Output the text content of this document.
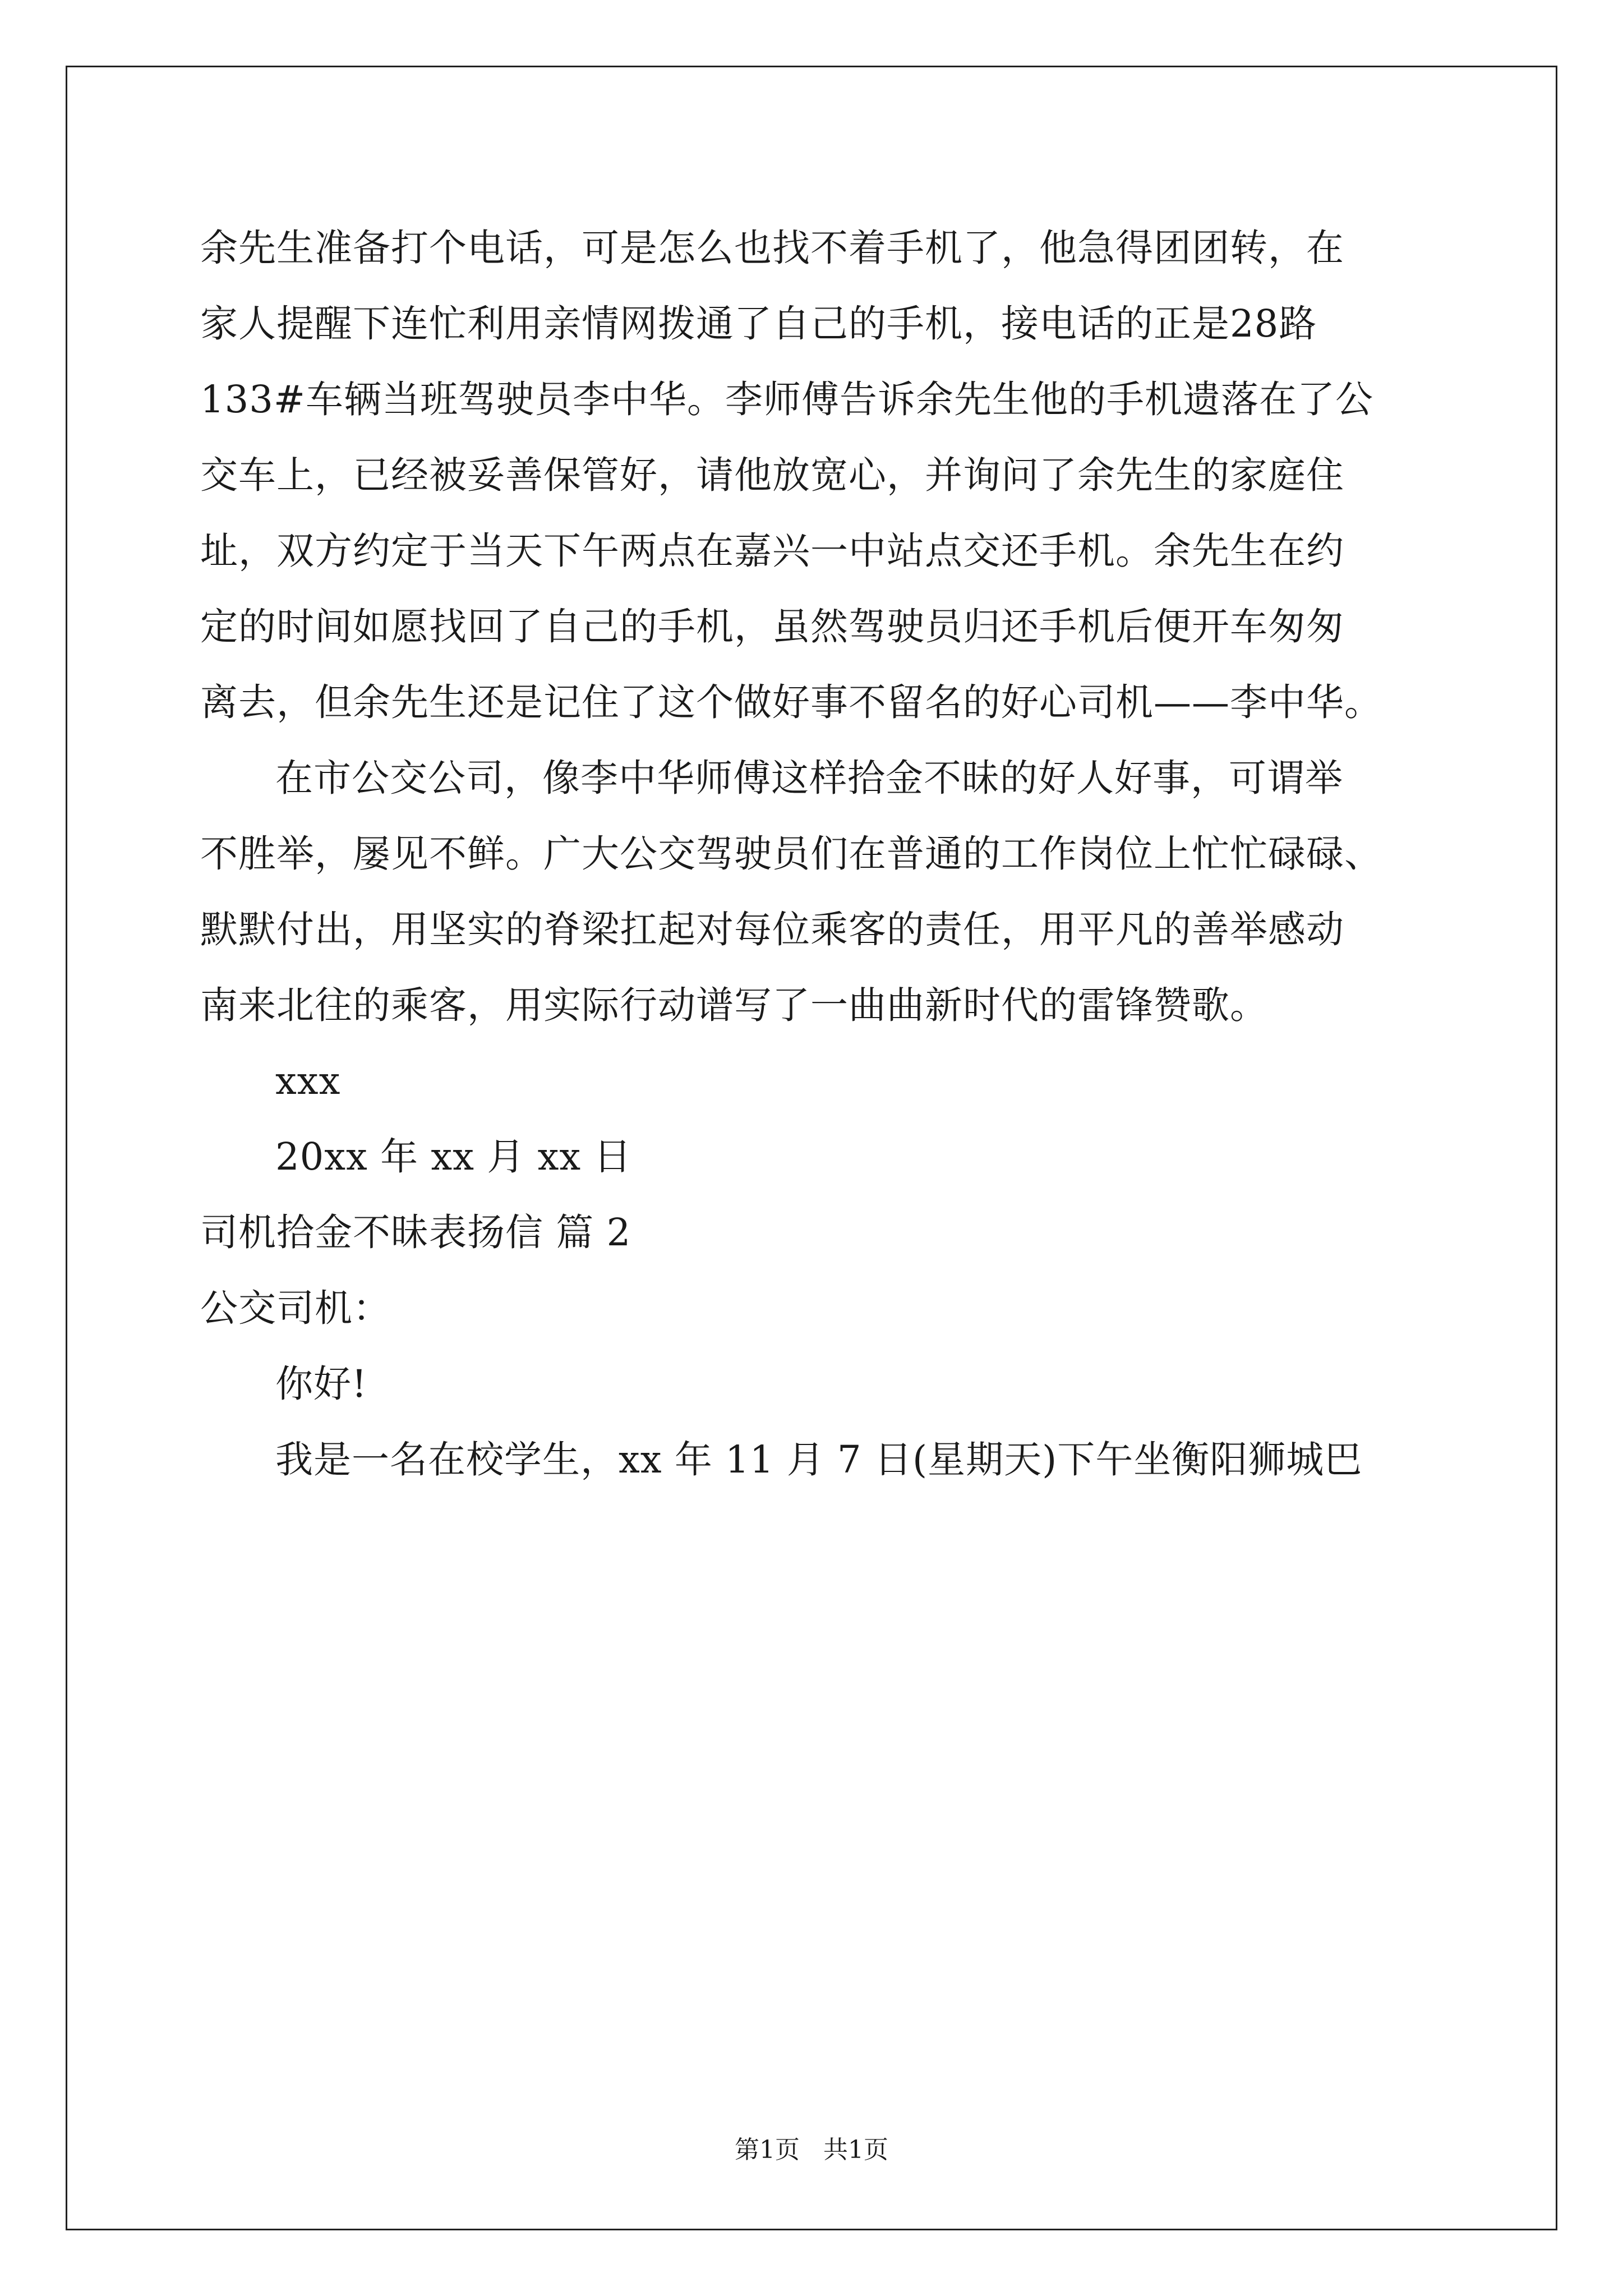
余先生准备打个电话，可是怎么也找不着手机了，他急得团团转，在
家人提醒下连忙利用亲情网拨通了自己的手机，接电话的正是28路
133#车辆当班驾驶员李中华。李师傅告诉余先生他的手机遗落在了公
交车上，已经被妥善保管好，请他放宽心，并询问了余先生的家庭住
址，双方约定于当天下午两点在嘉兴一中站点交还手机。余先生在约
定的时间如愿找回了自己的手机，虽然驾驶员归还手机后便开车匆匆
离去，但余先生还是记住了这个做好事不留名的好心司机——李中华。
在市公交公司，像李中华师傅这样拾金不昧的好人好事，可谓举
不胜举，屡见不鲜。广大公交驾驶员们在普通的工作岗位上忙忙碌碌、
默默付出，用坚实的脊梁扛起对每位乘客的责任，用平凡的善举感动
南来北往的乘客，用实际行动谱写了一曲曲新时代的雷锋赞歌。
xxx
20xx 年 xx 月 xx 日
司机拾金不昧表扬信 篇 2
公交司机：
你好!
我是一名在校学生，xx 年 11 月 7 日(星期天)下午坐衡阳狮城巴
第1页   共1页
